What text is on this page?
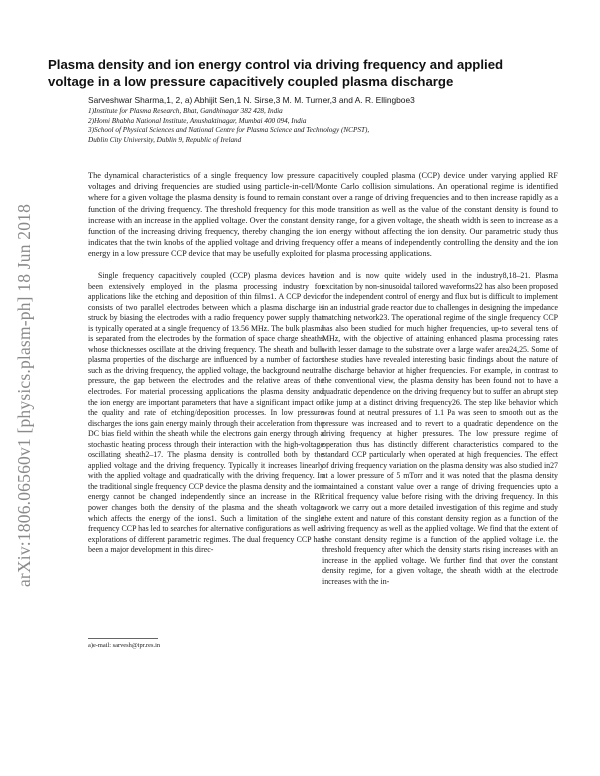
arXiv:1806.06560v1 [physics.plasm-ph] 18 Jun 2018
Plasma density and ion energy control via driving frequency and applied voltage in a low pressure capacitively coupled plasma discharge
Sarveshwar Sharma,1, 2, a) Abhijit Sen,1 N. Sirse,3 M. M. Turner,3 and A. R. Ellingboe3
1)Institute for Plasma Research, Bhat, Gandhinagar 382 428, India
2)Homi Bhabha National Institute, Anushaktinagar, Mumbai 400 094, India
3)School of Physical Sciences and National Centre for Plasma Science and Technology (NCPST),
Dublin City University, Dublin 9, Republic of Ireland
The dynamical characteristics of a single frequency low pressure capacitively coupled plasma (CCP) device under varying applied RF voltages and driving frequencies are studied using particle-in-cell/Monte Carlo collision simulations. An operational regime is identified where for a given voltage the plasma density is found to remain constant over a range of driving frequencies and to then increase rapidly as a function of the driving frequency. The threshold frequency for this mode transition as well as the value of the constant density is found to increase with an increase in the applied voltage. Over the constant density range, for a given voltage, the sheath width is seen to increase as a function of the increasing driving frequency, thereby changing the ion energy without affecting the ion density. Our parametric study thus indicates that the twin knobs of the applied voltage and driving frequency offer a means of independently controlling the density and the ion energy in a low pressure CCP device that may be usefully exploited for plasma processing applications.
Single frequency capacitively coupled (CCP) plasma devices have been extensively employed in the plasma processing industry for applications like the etching and deposition of thin films1. A CCP device consists of two parallel electrodes between which a plasma discharge is struck by biasing the electrodes with a radio frequency power supply that is typically operated at a single frequency of 13.56 MHz. The bulk plasma is separated from the electrodes by the formation of space charge sheaths whose thicknesses oscillate at the driving frequency. The sheath and bulk plasma properties of the discharge are influenced by a number of factors such as the driving frequency, the applied voltage, the background neutral pressure, the gap between the electrodes and the relative areas of the electrodes. For material processing applications the plasma density and the ion energy are important parameters that have a significant impact on the quality and rate of etching/deposition processes. In low pressure discharges the ions gain energy mainly through their acceleration from the DC bias field within the sheath while the electrons gain energy through a stochastic heating process through their interaction with the high-voltage oscillating sheath2–17. The plasma density is controlled both by the applied voltage and the driving frequency. Typically it increases linearly with the applied voltage and quadratically with the driving frequency. In the traditional single frequency CCP device the plasma density and the ion energy cannot be changed independently since an increase in the RF power changes both the density of the plasma and the sheath voltage which affects the energy of the ions1. Such a limitation of the single frequency CCP has led to searches for alternative configurations as well as explorations of different parametric regimes. The dual frequency CCP has been a major development in this direc-
tion and is now quite widely used in the industry8,18–21. Plasma excitation by non-sinusoidal tailored waveforms22 has also been proposed for the independent control of energy and flux but is difficult to implement in an industrial grade reactor due to challenges in designing the impedance matching network23. The operational regime of the single frequency CCP has also been studied for much higher frequencies, up-to several tens of MHz, with the objective of attaining enhanced plasma processing rates with lesser damage to the substrate over a large wafer area24,25. Some of these studies have revealed interesting basic findings about the nature of the discharge behavior at higher frequencies. For example, in contrast to the conventional view, the plasma density has been found not to have a quadratic dependence on the driving frequency but to suffer an abrupt step like jump at a distinct driving frequency26. The step like behavior which was found at neutral pressures of 1.1 Pa was seen to smooth out as the pressure was increased and to revert to a quadratic dependence on the driving frequency at higher pressures. The low pressure regime of operation thus has distinctly different characteristics compared to the standard CCP particularly when operated at high frequencies. The effect of driving frequency variation on the plasma density was also studied in27 at a lower pressure of 5 mTorr and it was noted that the plasma density maintained a constant value over a range of driving frequencies upto a critical frequency value before rising with the driving frequency. In this work we carry out a more detailed investigation of this regime and study the extent and nature of this constant density region as a function of the driving frequency as well as the applied voltage. We find that the extent of the constant density regime is a function of the applied voltage i.e. the threshold frequency after which the density starts rising increases with an increase in the applied voltage. We further find that over the constant density regime, for a given voltage, the sheath width at the electrode increases with the in-
a)e-mail: sarvesh@ipr.res.in
